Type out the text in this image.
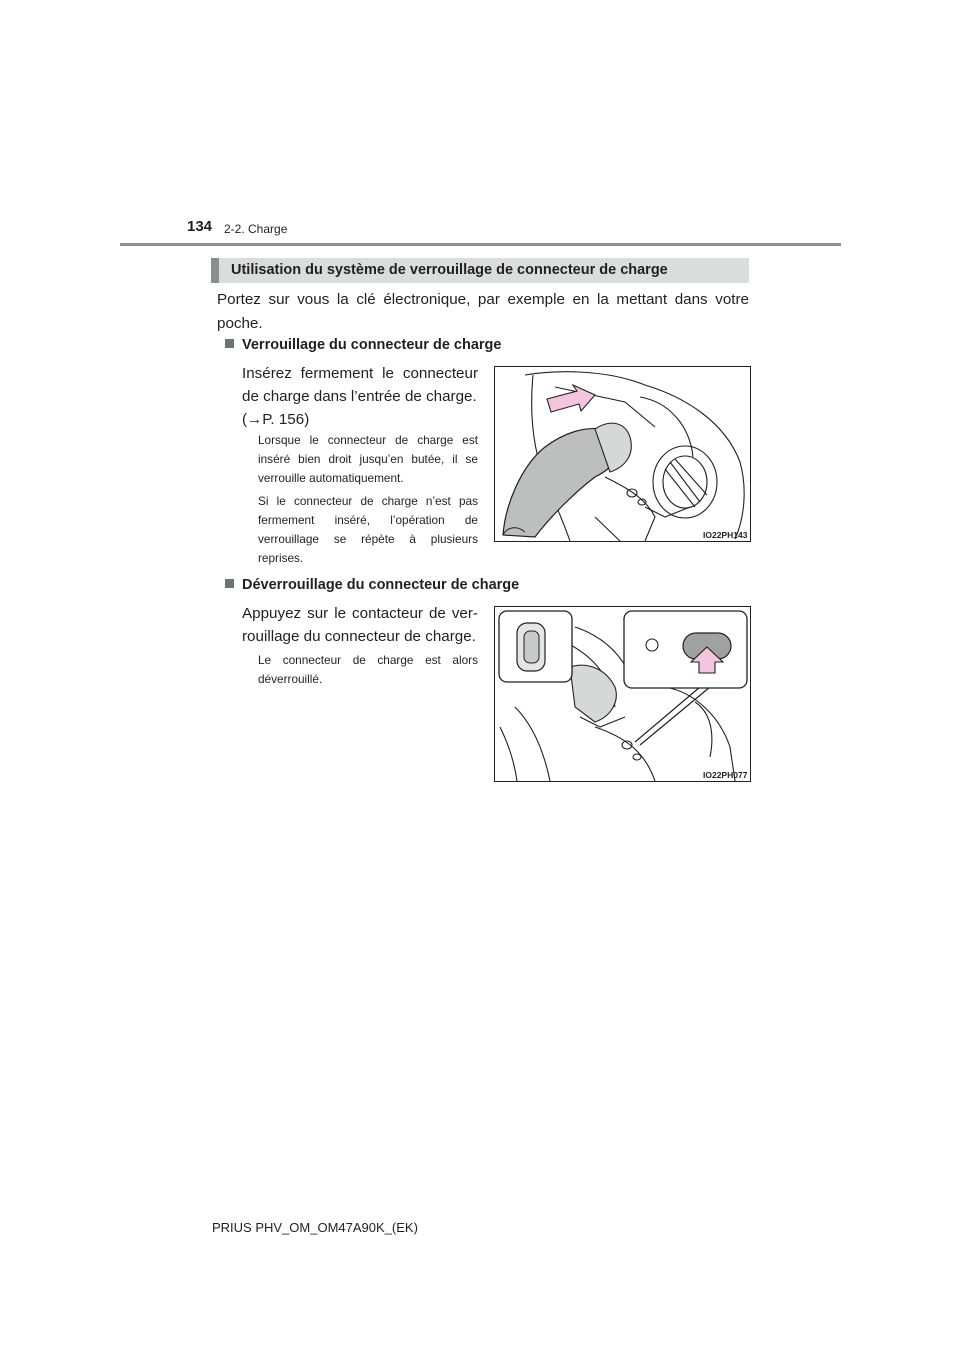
134 2-2. Charge
Utilisation du système de verrouillage de connecteur de charge
Portez sur vous la clé électronique, par exemple en la mettant dans votre poche.
Verrouillage du connecteur de charge
Insérez fermement le connecteur
de charge dans l’entrée de charge.
(→P. 156)
Lorsque le connecteur de charge est inséré bien droit jusqu’en butée, il se verrouille automatiquement.
Si le connecteur de charge n’est pas fermement inséré, l’opération de verrouillage se répète à plusieurs reprises.
IO22PH143
Déverrouillage du connecteur de charge
Appuyez sur le contacteur de ver-rouillage du connecteur de charge.
Le connecteur de charge est alors déverrouillé.
IO22PH077
PRIUS PHV_OM_OM47A90K_(EK)
